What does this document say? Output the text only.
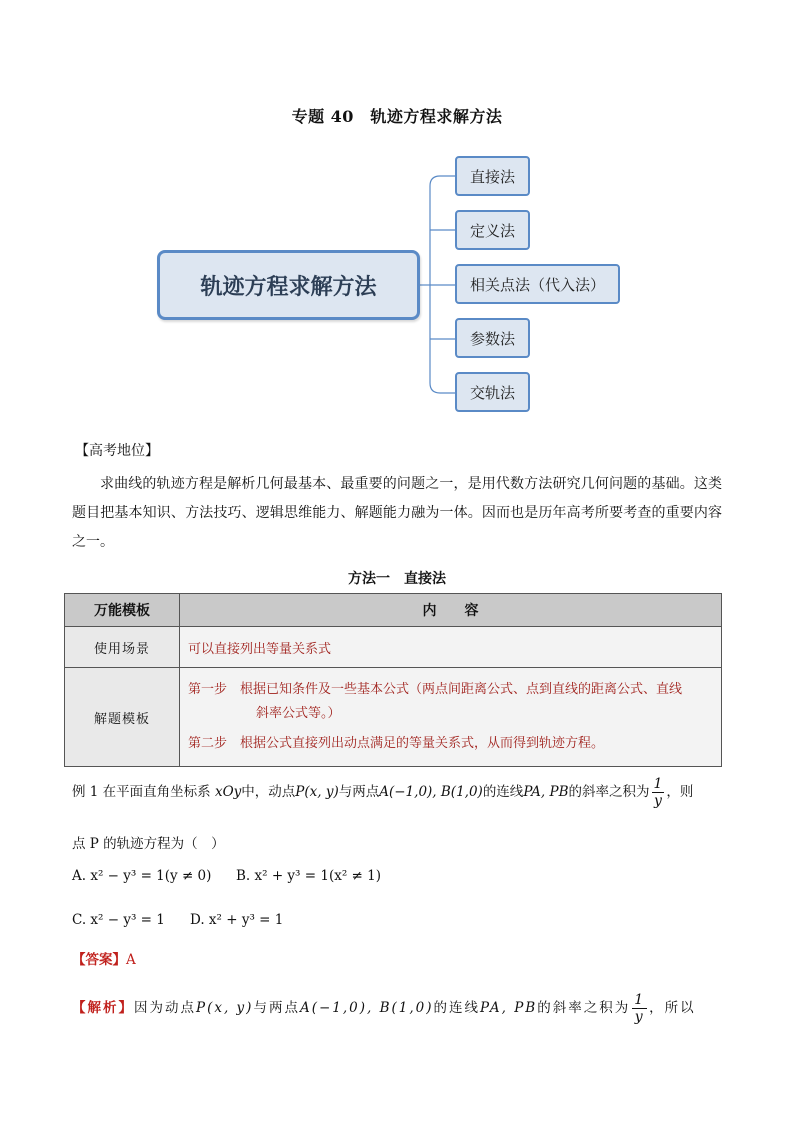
专题 40　轨迹方程求解方法
轨迹方程求解方法
直接法
定义法
相关点法（代入法）
参数法
交轨法
【高考地位】
求曲线的轨迹方程是解析几何最基本、最重要的问题之一，是用代数方法研究几何问题的基础。这类题目把基本知识、方法技巧、逻辑思维能力、解题能力融为一体。因而也是历年高考所要考查的重要内容之一。
方法一　直接法
万能模板	内　　容
使用场景	可以直接列出等量关系式
解题模板	第一步　根据已知条件及一些基本公式（两点间距离公式、点到直线的距离公式、直线
斜率公式等。）
第二步　根据公式直接列出动点满足的等量关系式，从而得到轨迹方程。
例 1 在平面直角坐标系 xOy中，动点P(x, y)与两点A(−1,0), B(1,0)的连线PA, PB的斜率之积为 $\frac{1}{y}$ ，则
点 P 的轨迹方程为（　）
A. x² − y³ = 1(y ≠ 0) B. x² + y³ = 1(x² ≠ 1)
C. x² − y³ = 1 D. x² + y³ = 1
【答案】A
【解析】因为动点P(x, y)与两点A(−1,0), B(1,0)的连线PA, PB的斜率之积为 $\frac{1}{y}$ ，所以
